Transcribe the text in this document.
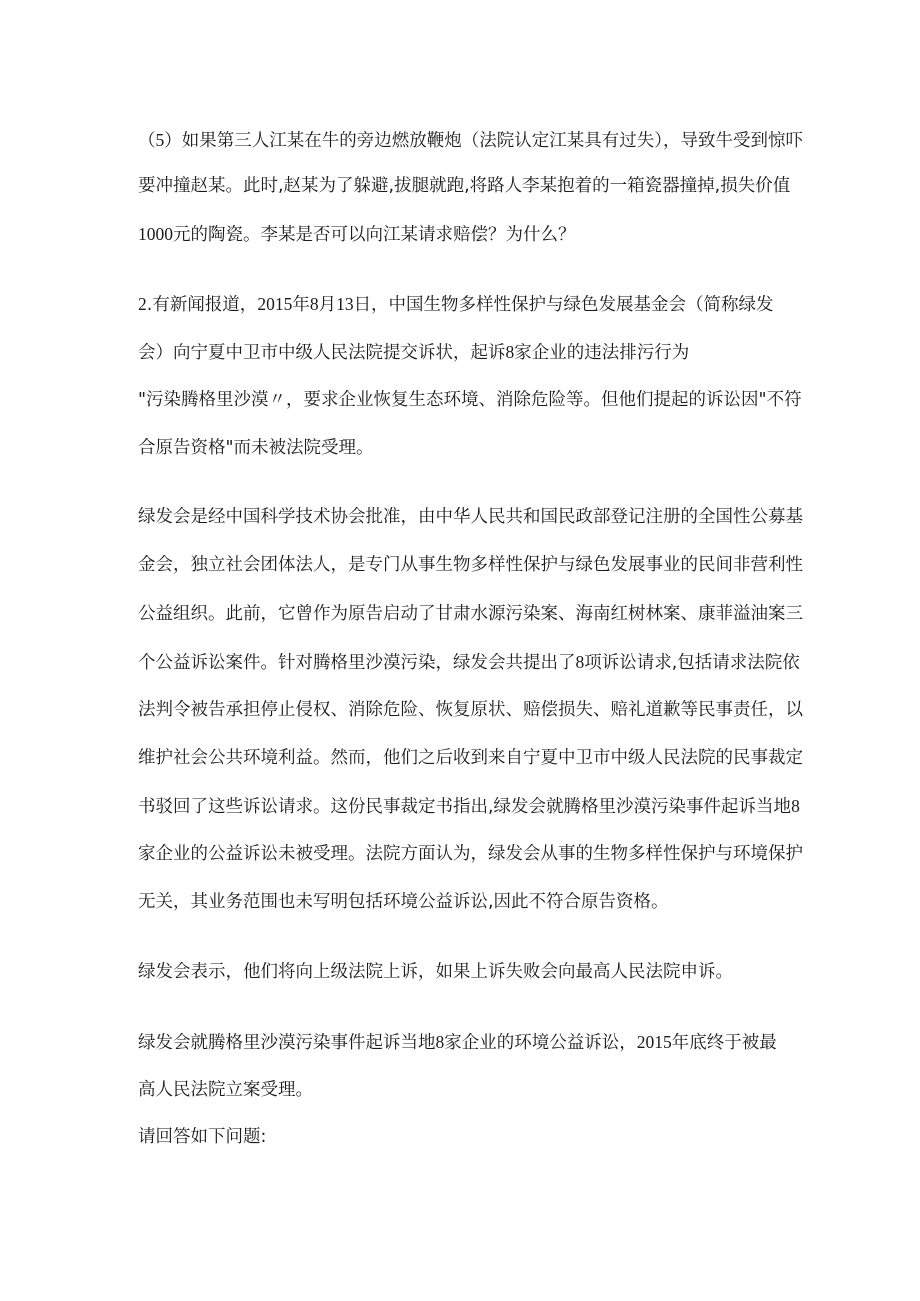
（5）如果第三人江某在牛的旁边燃放鞭炮（法院认定江某具有过失），导致牛受到惊吓
要冲撞赵某。此时,赵某为了躲避,拔腿就跑,将路人李某抱着的一箱瓷器撞掉,损失价值
1000元的陶瓷。李某是否可以向江某请求赔偿？为什么？
2.有新闻报道，2015年8月13日，中国生物多样性保护与绿色发展基金会（简称绿发
会）向宁夏中卫市中级人民法院提交诉状，起诉8家企业的违法排污行为
"污染腾格里沙漠〃，要求企业恢复生态环境、消除危险等。但他们提起的诉讼因"不符
合原告资格"而未被法院受理。
绿发会是经中国科学技术协会批准，由中华人民共和国民政部登记注册的全国性公募基
金会，独立社会团体法人，是专门从事生物多样性保护与绿色发展事业的民间非营利性
公益组织。此前，它曾作为原告启动了甘肃水源污染案、海南红树林案、康菲溢油案三
个公益诉讼案件。针对腾格里沙漠污染，绿发会共提出了8项诉讼请求,包括请求法院依
法判令被告承担停止侵权、消除危险、恢复原状、赔偿损失、赔礼道歉等民事责任，以
维护社会公共环境利益。然而，他们之后收到来自宁夏中卫市中级人民法院的民事裁定
书驳回了这些诉讼请求。这份民事裁定书指出,绿发会就腾格里沙漠污染事件起诉当地8
家企业的公益诉讼未被受理。法院方面认为，绿发会从事的生物多样性保护与环境保护
无关，其业务范围也未写明包括环境公益诉讼,因此不符合原告资格。
绿发会表示，他们将向上级法院上诉，如果上诉失败会向最高人民法院申诉。
绿发会就腾格里沙漠污染事件起诉当地8家企业的环境公益诉讼，2015年底终于被最
高人民法院立案受理。
请回答如下问题:
